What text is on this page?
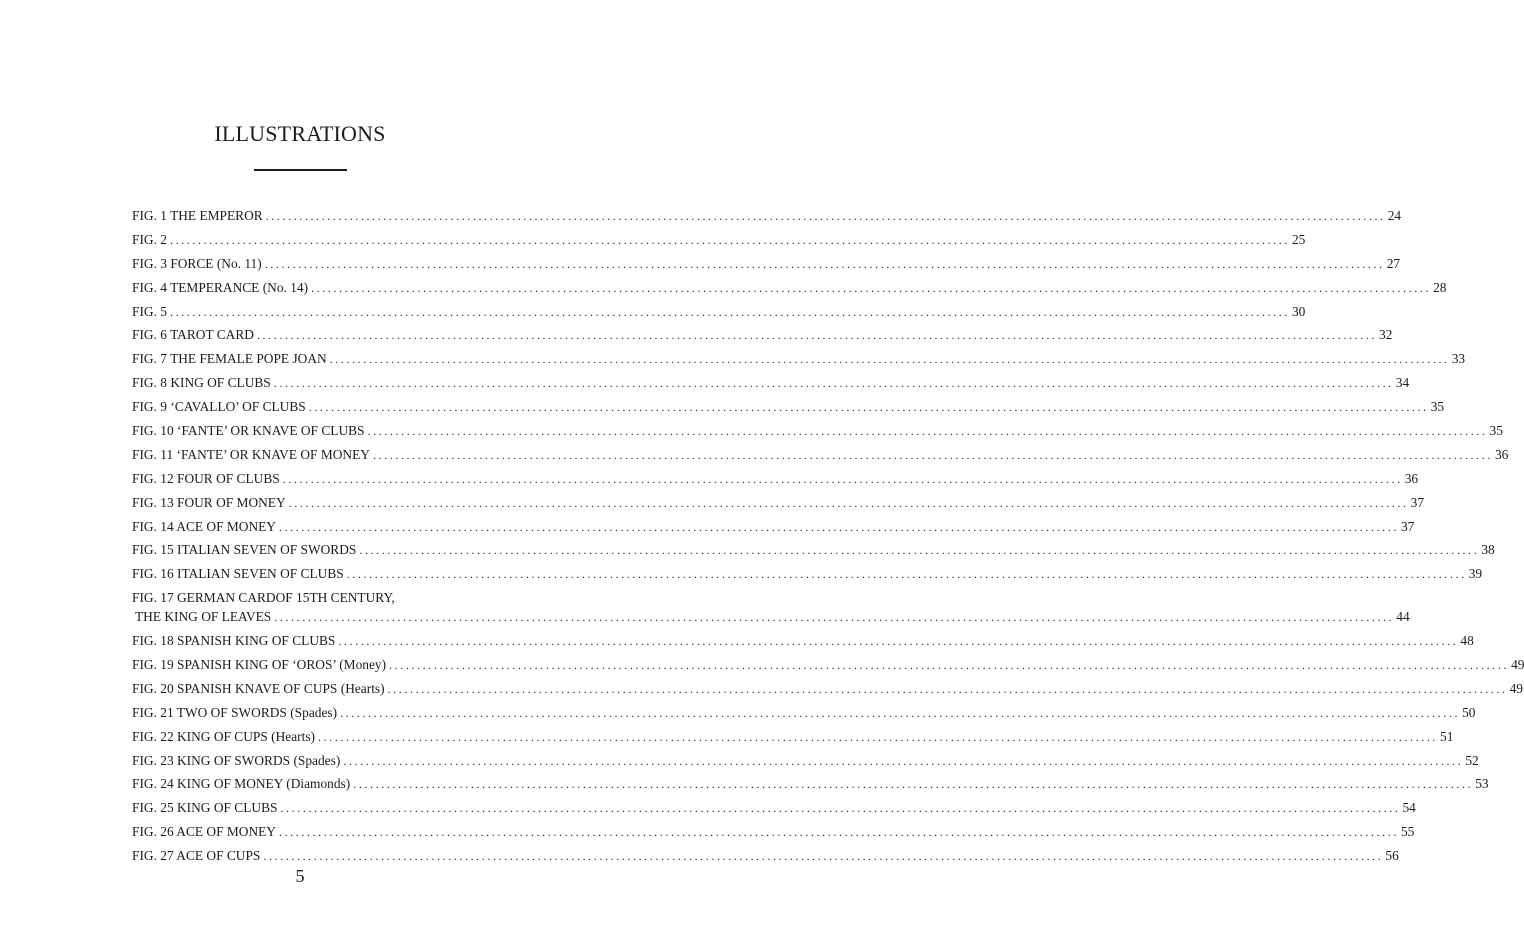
ILLUSTRATIONS
FIG. 1 THE EMPEROR ........................................................................................................................................................................................................ 24
FIG. 2 ........................................................................................................................................................................................................ 25
FIG. 3 FORCE (No. 11) ........................................................................................................................................................................................................ 27
FIG. 4 TEMPERANCE (No. 14) ........................................................................................................................................................................................................ 28
FIG. 5 ........................................................................................................................................................................................................ 30
FIG. 6 TAROT CARD ........................................................................................................................................................................................................ 32
FIG. 7 THE FEMALE POPE JOAN ........................................................................................................................................................................................................ 33
FIG. 8 KING OF CLUBS ........................................................................................................................................................................................................ 34
FIG. 9 ‘CAVALLO’ OF CLUBS ........................................................................................................................................................................................................ 35
FIG. 10 ‘FANTE’ OR KNAVE OF CLUBS ........................................................................................................................................................................................................ 35
FIG. 11 ‘FANTE’ OR KNAVE OF MONEY ........................................................................................................................................................................................................ 36
FIG. 12 FOUR OF CLUBS ........................................................................................................................................................................................................ 36
FIG. 13 FOUR OF MONEY ........................................................................................................................................................................................................ 37
FIG. 14 ACE OF MONEY ........................................................................................................................................................................................................ 37
FIG. 15 ITALIAN SEVEN OF SWORDS ........................................................................................................................................................................................................ 38
FIG. 16 ITALIAN SEVEN OF CLUBS ........................................................................................................................................................................................................ 39
FIG. 17 GERMAN CARDOF 15TH CENTURY,
THE KING OF LEAVES ........................................................................................................................................................................................................ 44
FIG. 18 SPANISH KING OF CLUBS ........................................................................................................................................................................................................ 48
FIG. 19 SPANISH KING OF ‘OROS’ (Money) ........................................................................................................................................................................................................ 49
FIG. 20 SPANISH KNAVE OF CUPS (Hearts) ........................................................................................................................................................................................................ 49
FIG. 21 TWO OF SWORDS (Spades) ........................................................................................................................................................................................................ 50
FIG. 22 KING OF CUPS (Hearts) ........................................................................................................................................................................................................ 51
FIG. 23 KING OF SWORDS (Spades) ........................................................................................................................................................................................................ 52
FIG. 24 KING OF MONEY (Diamonds) ........................................................................................................................................................................................................ 53
FIG. 25 KING OF CLUBS ........................................................................................................................................................................................................ 54
FIG. 26 ACE OF MONEY ........................................................................................................................................................................................................ 55
FIG. 27 ACE OF CUPS ........................................................................................................................................................................................................ 56
5
